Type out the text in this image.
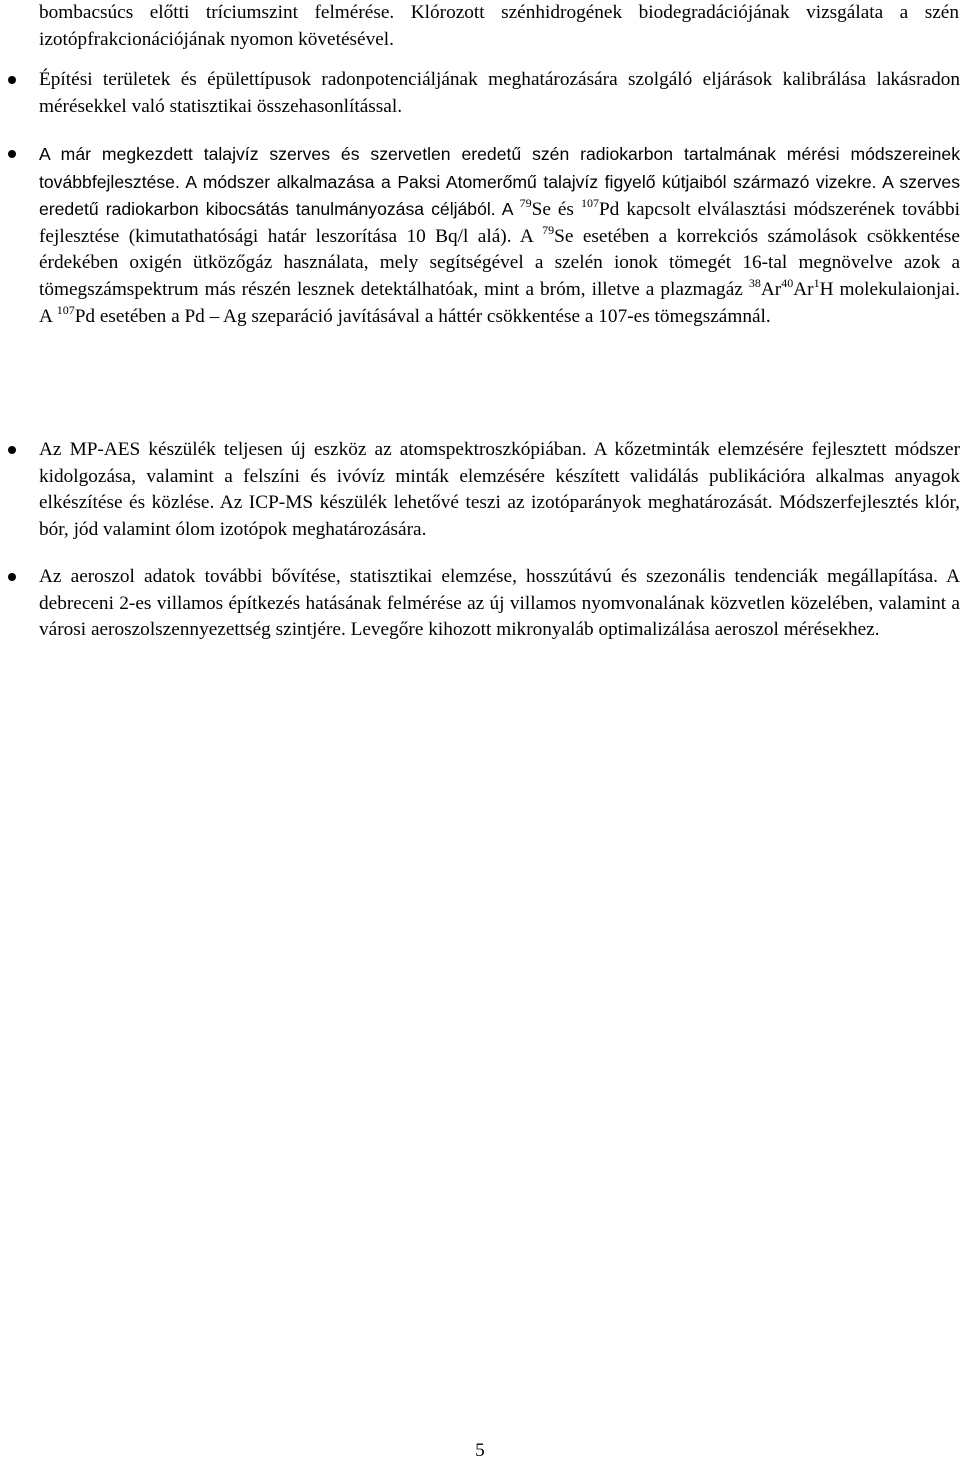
bombacsúcs előtti tríciumszint felmérése. Klórozott szénhidrogének biodegradációjának vizsgálata a szén izotópfrakcionációjának nyomon követésével.

Építési területek és épülettípusok radonpotenciáljának meghatározására szolgáló eljárások kalibrálása lakásradon mérésekkel való statisztikai összehasonlítással.
A már megkezdett talajvíz szerves és szervetlen eredetű szén radiokarbon tartalmának mérési módszereinek továbbfejlesztése. A módszer alkalmazása a Paksi Atomerőmű talajvíz figyelő kútjaiból származó vizekre. A szerves eredetű radiokarbon kibocsátás tanulmányozása céljából. A $^{79}$Se és $^{107}$Pd kapcsolt elválasztási módszerének további fejlesztése (kimutathatósági határ leszorítása 10 Bq/l alá). A $^{79}$Se esetében a korrekciós számolások csökkentése érdekében oxigén ütközőgáz használata, mely segítségével a szelén ionok tömegét 16-tal megnövelve azok a tömegszámspektrum más részén lesznek detektálhatóak, mint a bróm, illetve a plazmagáz $^{38}$Ar$^{40}$Ar$^1$H molekulaionjai. A $^{107}$Pd esetében a Pd – Ag szeparáció javításával a háttér csökkentése a 107-es tömegszámnál.
Az MP-AES készülék teljesen új eszköz az atomspektroszkópiában. A kőzetminták elemzésére fejlesztett módszer kidolgozása, valamint a felszíni és ivóvíz minták elemzésére készített validálás publikációra alkalmas anyagok elkészítése és közlése. Az ICP-MS készülék lehetővé teszi az izotóparányok meghatározását. Módszerfejlesztés klór, bór, jód valamint ólom izotópok meghatározására.
Az aeroszol adatok további bővítése, statisztikai elemzése, hosszútávú és szezonális tendenciák megállapítása. A debreceni 2-es villamos építkezés hatásának felmérése az új villamos nyomvonalának közvetlen közelében, valamint a városi aeroszolszennyezettség szintjére. Levegőre kihozott mikronyaláb optimalizálása aeroszol mérésekhez.
5
